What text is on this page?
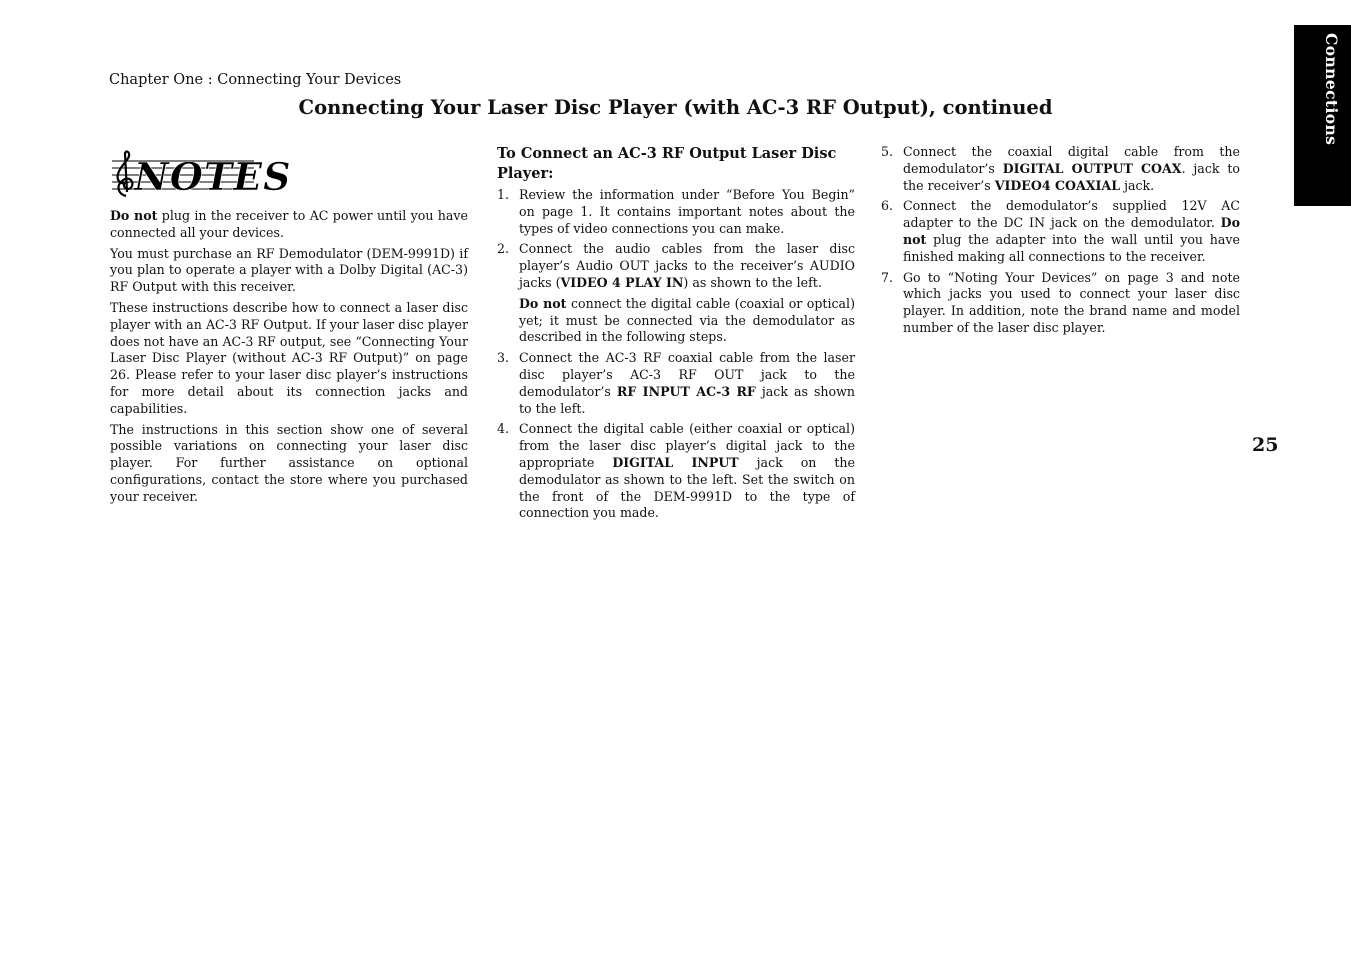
Chapter One : Connecting Your Devices
Connecting Your Laser Disc Player (with AC-3 RF Output), continued	Connections
25
NOTES

Do not plug in the receiver to AC power until you have connected all your devices.

You must purchase an RF Demodulator (DEM-9991D) if you plan to operate a player with a Dolby Digital (AC-3) RF Output with this receiver.

These instructions describe how to connect a laser disc player with an AC-3 RF Output. If your laser disc player does not have an AC-3 RF output, see “Connecting Your Laser Disc Player (without AC-3 RF Output)” on page 26. Please refer to your laser disc player’s instructions for more detail about its connection jacks and capabilities.

The instructions in this section show one of several possible variations on connecting your laser disc player. For further assistance on optional configurations, contact the store where you purchased your receiver.

To Connect an AC-3 RF Output Laser Disc Player:
1. Review the information under “Before You Begin” on page 1. It contains important notes about the types of video connections you can make.
2. Connect the audio cables from the laser disc player’s Audio OUT jacks to the receiver’s AUDIO jacks (VIDEO 4 PLAY IN) as shown to the left.

Do not connect the digital cable (coaxial or optical) yet; it must be connected via the demodulator as described in the following steps.

3. Connect the AC-3 RF coaxial cable from the laser disc player’s AC-3 RF OUT jack to the demodulator’s RF INPUT AC-3 RF jack as shown to the left.
4. Connect the digital cable (either coaxial or optical) from the laser disc player’s digital jack to the appropriate DIGITAL INPUT jack on the demodulator as shown to the left. Set the switch on the front of the DEM-9991D to the type of connection you made.
5. Connect the coaxial digital cable from the demodulator’s DIGITAL OUTPUT COAX. jack to the receiver’s VIDEO4 COAXIAL jack.
6. Connect the demodulator’s supplied 12V AC adapter to the DC IN jack on the demodulator. Do not plug the adapter into the wall until you have finished making all connections to the receiver.
7. Go to “Noting Your Devices” on page 3 and note which jacks you used to connect your laser disc player. In addition, note the brand name and model number of the laser disc player.
